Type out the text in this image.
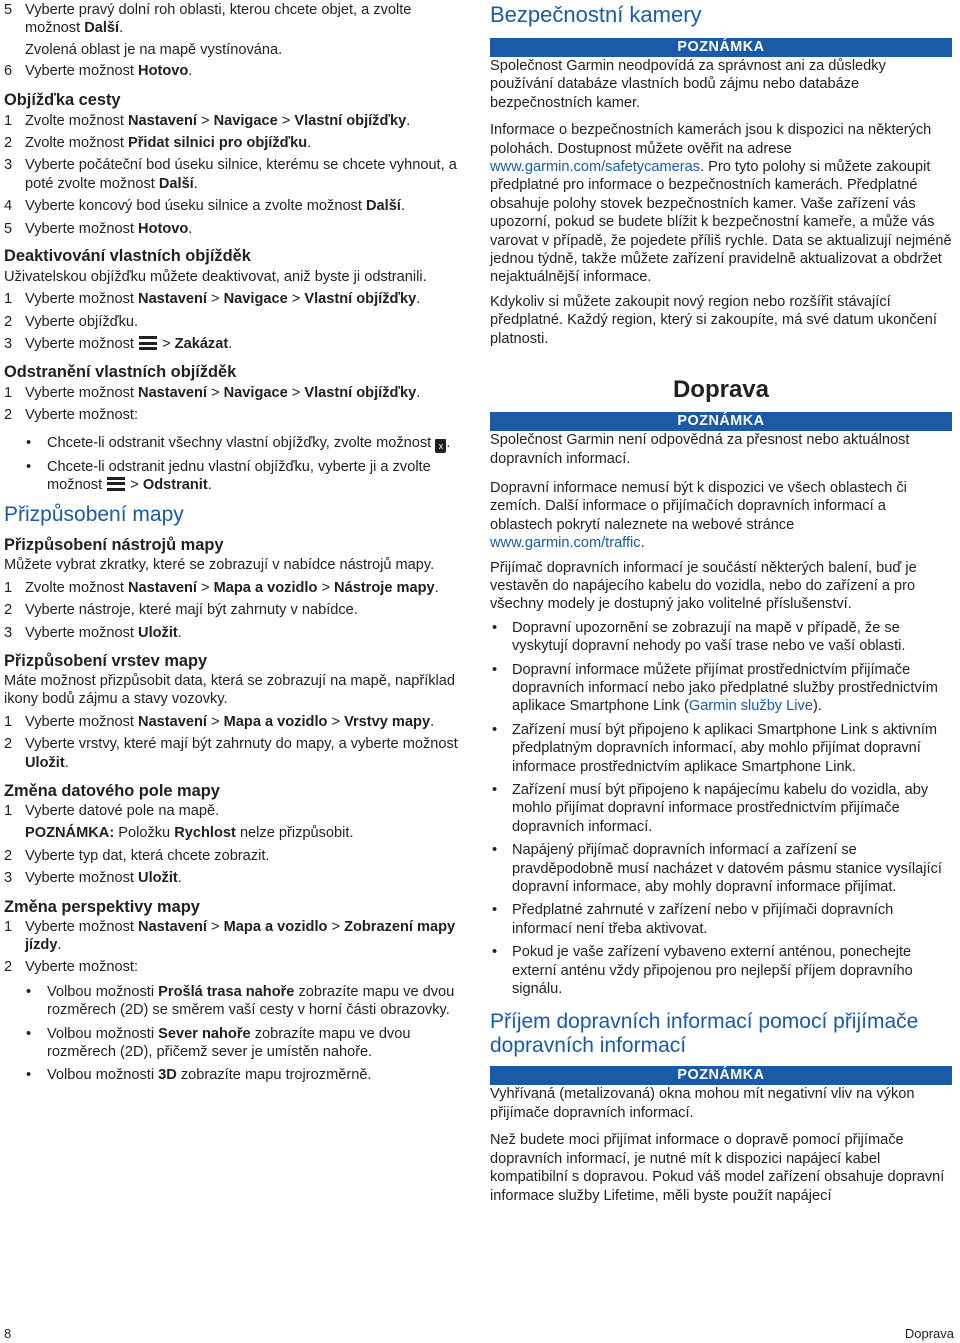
5 Vyberte pravý dolní roh oblasti, kterou chcete objet, a zvolte možnost Další.

Zvolená oblast je na mapě vystínována.

6 Vyberte možnost Hotovo.
Objížďka cesty
1 Zvolte možnost Nastavení > Navigace > Vlastní objížďky.
2 Zvolte možnost Přidat silnici pro objížďku.
3 Vyberte počáteční bod úseku silnice, kterému se chcete vyhnout, a poté zvolte možnost Další.
4 Vyberte koncový bod úseku silnice a zvolte možnost Další.
5 Vyberte možnost Hotovo.
Deaktivování vlastních objížděk

Uživatelskou objížďku můžete deaktivovat, aniž byste ji odstranili.

1 Vyberte možnost Nastavení > Navigace > Vlastní objížďky.
2 Vyberte objížďku.
3 Vyberte možnost
> Zakázat.
Odstranění vlastních objížděk
1 Vyberte možnost Nastavení > Navigace > Vlastní objížďky.
2 Vyberte možnost:
• Chcete-li odstranit všechny vlastní objížďky, zvolte možnost x .
• Chcete-li odstranit jednu vlastní objížďku, vyberte ji a zvolte možnost
> Odstranit.
Přizpůsobení mapy
Přizpůsobení nástrojů mapy

Můžete vybrat zkratky, které se zobrazují v nabídce nástrojů mapy.

1 Zvolte možnost Nastavení > Mapa a vozidlo > Nástroje mapy.
2 Vyberte nástroje, které mají být zahrnuty v nabídce.
3 Vyberte možnost Uložit.
Přizpůsobení vrstev mapy

Máte možnost přizpůsobit data, která se zobrazují na mapě, například ikony bodů zájmu a stavy vozovky.

1 Vyberte možnost Nastavení > Mapa a vozidlo > Vrstvy mapy.
2 Vyberte vrstvy, které mají být zahrnuty do mapy, a vyberte možnost Uložit.
Změna datového pole mapy
1 Vyberte datové pole na mapě.

POZNÁMKA: Položku Rychlost nelze přizpůsobit.

2 Vyberte typ dat, která chcete zobrazit.
3 Vyberte možnost Uložit.
Změna perspektivy mapy
1 Vyberte možnost Nastavení > Mapa a vozidlo > Zobrazení mapy jízdy.
2 Vyberte možnost:
• Volbou možnosti Prošlá trasa nahoře zobrazíte mapu ve dvou rozměrech (2D) se směrem vaší cesty v horní části obrazovky.
• Volbou možnosti Sever nahoře zobrazíte mapu ve dvou rozměrech (2D), přičemž sever je umístěn nahoře.
• Volbou možnosti 3D zobrazíte mapu trojrozměrně.
Bezpečnostní kamery
POZNÁMKA

Společnost Garmin neodpovídá za správnost ani za důsledky používání databáze vlastních bodů zájmu nebo databáze bezpečnostních kamer.

Informace o bezpečnostních kamerách jsou k dispozici na některých polohách. Dostupnost můžete ověřit na adrese www.garmin.com/safetycameras. Pro tyto polohy si můžete zakoupit předplatné pro informace o bezpečnostních kamerách. Předplatné obsahuje polohy stovek bezpečnostních kamer. Vaše zařízení vás upozorní, pokud se budete blížit k bezpečnostní kameře, a může vás varovat v případě, že pojedete příliš rychle. Data se aktualizují nejméně jednou týdně, takže můžete zařízení pravidelně aktualizovat a obdržet nejaktuálnější informace.

Kdykoliv si můžete zakoupit nový region nebo rozšířit stávající předplatné. Každý region, který si zakoupíte, má své datum ukončení platnosti.

Doprava
POZNÁMKA

Společnost Garmin není odpovědná za přesnost nebo aktuálnost dopravních informací.

Dopravní informace nemusí být k dispozici ve všech oblastech či zemích. Další informace o přijímačích dopravních informací a oblastech pokrytí naleznete na webové stránce www.garmin.com/traffic.

Přijímač dopravních informací je součástí některých balení, buď je vestavěn do napájecího kabelu do vozidla, nebo do zařízení a pro všechny modely je dostupný jako volitelné příslušenství.

• Dopravní upozornění se zobrazují na mapě v případě, že se vyskytují dopravní nehody po vaší trase nebo ve vaší oblasti.
• Dopravní informace můžete přijímat prostřednictvím přijímače dopravních informací nebo jako předplatné služby prostřednictvím aplikace Smartphone Link (Garmin služby Live).
• Zařízení musí být připojeno k aplikaci Smartphone Link s aktivním předplatným dopravních informací, aby mohlo přijímat dopravní informace prostřednictvím aplikace Smartphone Link.
• Zařízení musí být připojeno k napájecímu kabelu do vozidla, aby mohlo přijímat dopravní informace prostřednictvím přijímače dopravních informací.
• Napájený přijímač dopravních informací a zařízení se pravděpodobně musí nacházet v datovém pásmu stanice vysílající dopravní informace, aby mohly dopravní informace přijímat.
• Předplatné zahrnuté v zařízení nebo v přijímači dopravních informací není třeba aktivovat.
• Pokud je vaše zařízení vybaveno externí anténou, ponechejte externí anténu vždy připojenou pro nejlepší příjem dopravního signálu.
Příjem dopravních informací pomocí přijímače dopravních informací
POZNÁMKA

Vyhřívaná (metalizovaná) okna mohou mít negativní vliv na výkon přijímače dopravních informací.

Než budete moci přijímat informace o dopravě pomocí přijímače dopravních informací, je nutné mít k dispozici napájecí kabel kompatibilní s dopravou. Pokud váš model zařízení obsahuje dopravní informace služby Lifetime, měli byste použít napájecí

8	Doprava
